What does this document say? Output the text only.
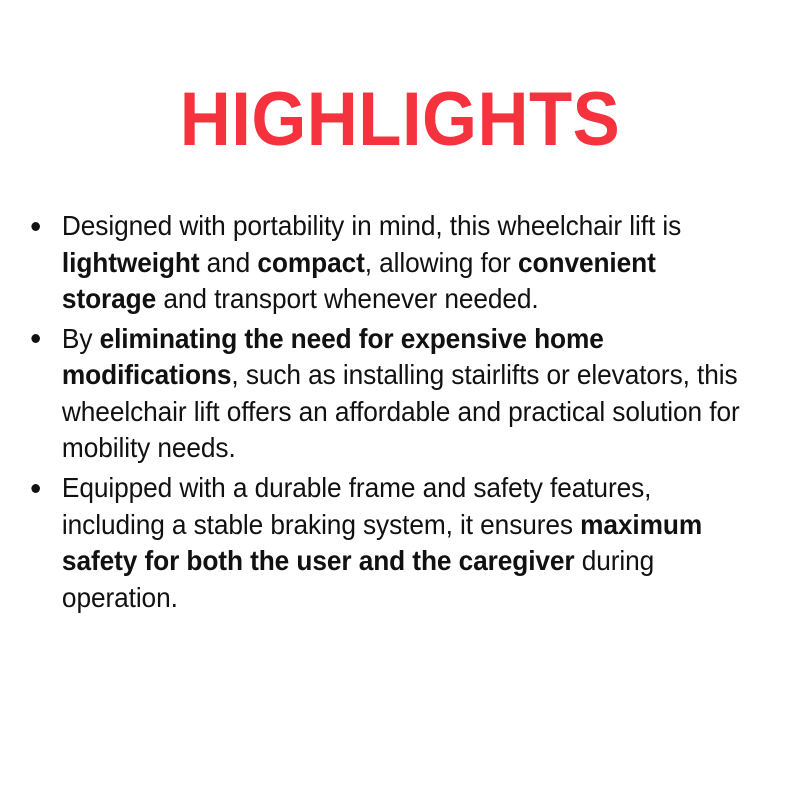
HIGHLIGHTS
Designed with portability in mind, this wheelchair lift is lightweight and compact, allowing for convenient storage and transport whenever needed.
By eliminating the need for expensive home modifications, such as installing stairlifts or elevators, this wheelchair lift offers an affordable and practical solution for mobility needs.
Equipped with a durable frame and safety features, including a stable braking system, it ensures maximum safety for both the user and the caregiver during operation.
